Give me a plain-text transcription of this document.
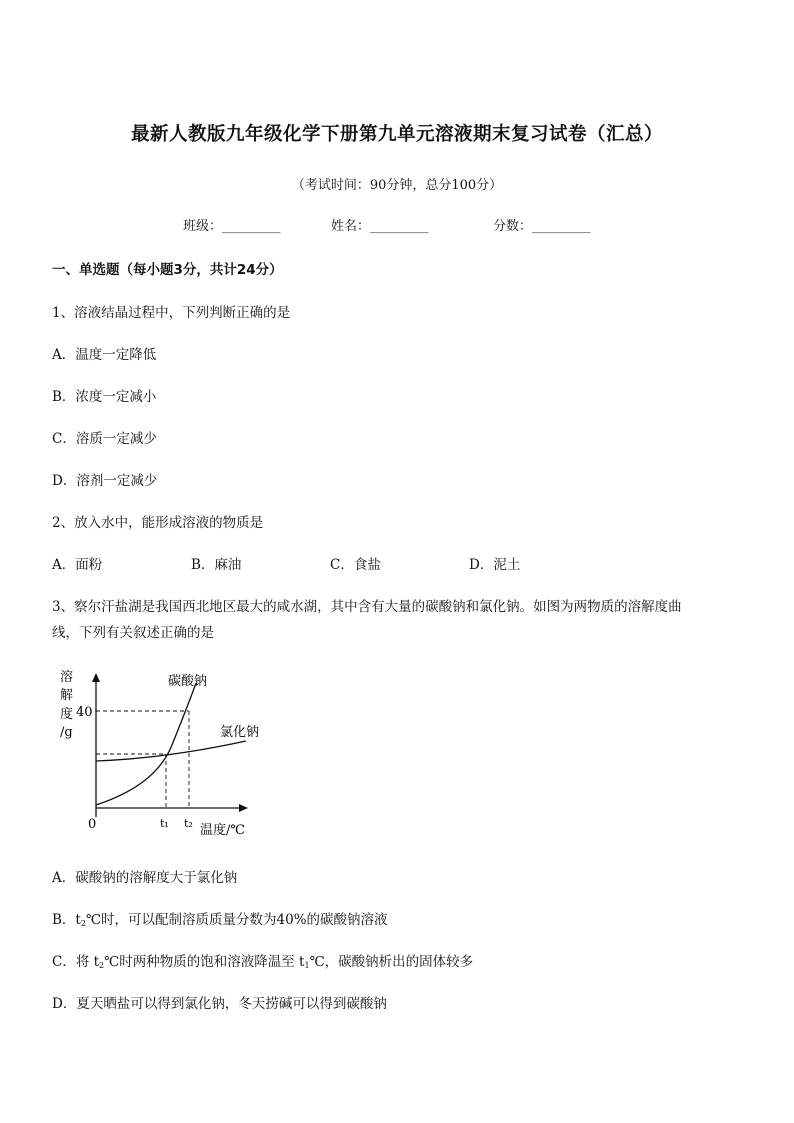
最新人教版九年级化学下册第九单元溶液期末复习试卷（汇总）
（考试时间：90分钟，总分100分）
班级：_________	姓名：_________	分数：_________
一、单选题（每小题3分，共计24分）
1、溶液结晶过程中，下列判断正确的是
A．温度一定降低
B．浓度一定减小
C．溶质一定减少
D．溶剂一定减少
2、放入水中，能形成溶液的物质是
A．面粉	B．麻油	C．食盐	D．泥土
3、察尔汗盐湖是我国西北地区最大的咸水湖，其中含有大量的碳酸钠和氯化钠。如图为两物质的溶解度曲
线，下列有关叙述正确的是
溶
解
度
/g
40
0	t₁ t₂ 温度/℃
碳酸钠
氯化钠
A．碳酸钠的溶解度大于氯化钠
B．$t_2℃$时，可以配制溶质质量分数为40%的碳酸钠溶液
C．将 $t_2℃$时两种物质的饱和溶液降温至 $t_1℃$，碳酸钠析出的固体较多
D．夏天晒盐可以得到氯化钠，冬天捞碱可以得到碳酸钠
